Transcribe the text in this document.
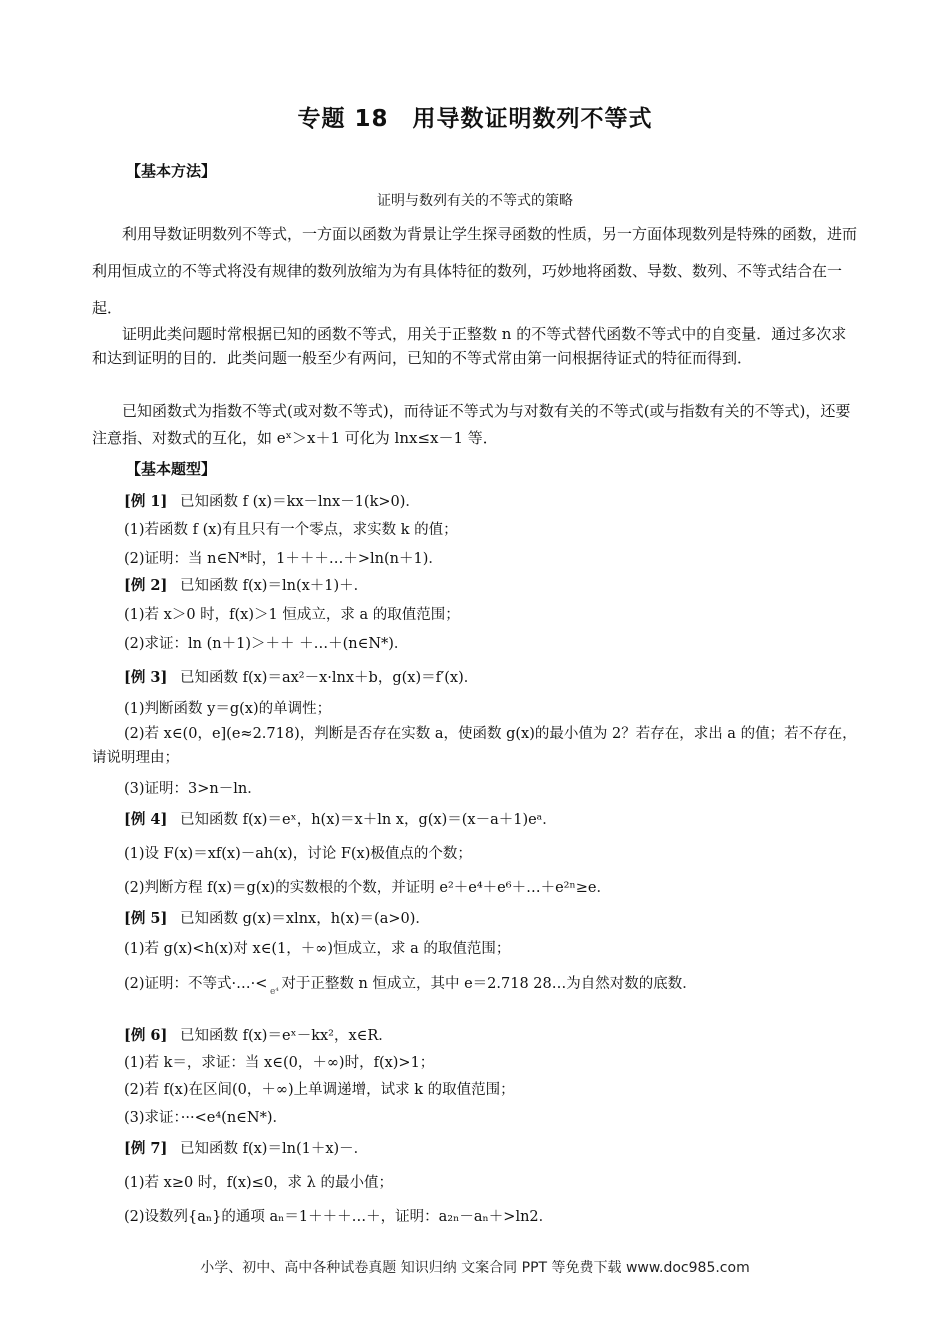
专题 18　用导数证明数列不等式
【基本方法】
证明与数列有关的不等式的策略
利用导数证明数列不等式，一方面以函数为背景让学生探寻函数的性质，另一方面体现数列是特殊的函数，进而利用恒成立的不等式将没有规律的数列放缩为为有具体特征的数列，巧妙地将函数、导数、数列、不等式结合在一起．
证明此类问题时常根据已知的函数不等式，用关于正整数 n 的不等式替代函数不等式中的自变量．通过多次求和达到证明的目的．此类问题一般至少有两问，已知的不等式常由第一问根据待证式的特征而得到．
已知函数式为指数不等式(或对数不等式)，而待证不等式为与对数有关的不等式(或与指数有关的不等式)，还要注意指、对数式的互化，如 eˣ＞x＋1 可化为 lnx≤x－1 等．
【基本题型】
[例 1] 已知函数 f (x)＝kx－lnx－1(k>0)．
(1)若函数 f (x)有且只有一个零点，求实数 k 的值；
(2)证明：当 n∈N*时，1＋＋＋…＋>ln(n＋1)．
[例 2] 已知函数 f(x)＝ln(x＋1)＋．
(1)若 x＞0 时，f(x)＞1 恒成立，求 a 的取值范围；
(2)求证：ln (n＋1)＞＋＋ ＋…＋(n∈N*)．
[例 3] 已知函数 f(x)＝ax²－x·lnx＋b，g(x)＝f′(x)．
(1)判断函数 y＝g(x)的单调性；
(2)若 x∈(0，e](e≈2.718)，判断是否存在实数 a，使函数 g(x)的最小值为 2？若存在，求出 a 的值；若不存在，请说明理由；
(3)证明：3>n－ln．
[例 4] 已知函数 f(x)＝eˣ，h(x)＝x＋ln x，g(x)＝(x－a＋1)eᵃ．
(1)设 F(x)＝xf(x)－ah(x)，讨论 F(x)极值点的个数；
(2)判断方程 f(x)＝g(x)的实数根的个数，并证明 e²＋e⁴＋e⁶＋…＋e²ⁿ≥e．
[例 5] 已知函数 g(x)＝xlnx，h(x)＝(a>0)．
(1)若 g(x)<h(x)对 x∈(1，＋∞)恒成立，求 a 的取值范围；
(2)证明：不等式·…·< e⁴ 对于正整数 n 恒成立，其中 e＝2.718 28…为自然对数的底数．
[例 6] 已知函数 f(x)＝eˣ－kx²，x∈R．
(1)若 k＝，求证：当 x∈(0，＋∞)时，f(x)>1；
(2)若 f(x)在区间(0，＋∞)上单调递增，试求 k 的取值范围；
(3)求证：···<e⁴(n∈N*)．
[例 7] 已知函数 f(x)＝ln(1＋x)－．
(1)若 x≥0 时，f(x)≤0，求 λ 的最小值；
(2)设数列{aₙ}的通项 aₙ＝1＋＋＋…＋，证明：a₂ₙ－aₙ＋>ln2．
小学、初中、高中各种试卷真题 知识归纳 文案合同 PPT 等免费下载 www.doc985.com
